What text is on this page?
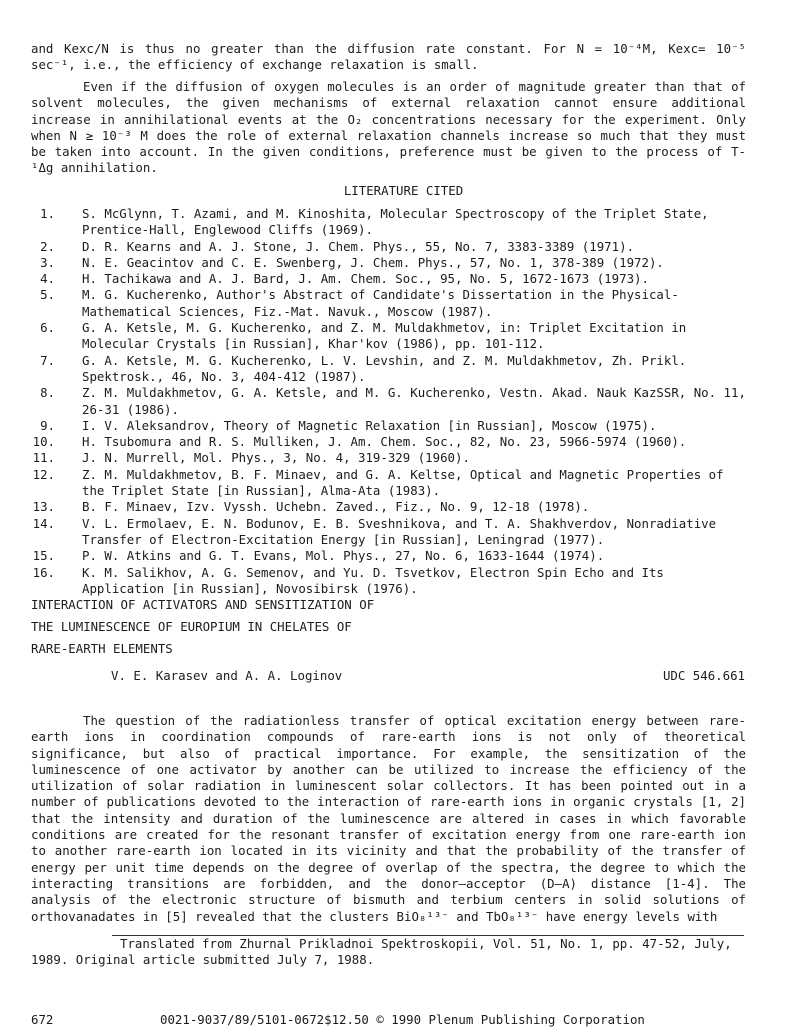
and Kexc/N is thus no greater than the diffusion rate constant. For N = 10⁻⁴M, Kexc= 10⁻⁵ sec⁻¹, i.e., the efficiency of exchange relaxation is small.

Even if the diffusion of oxygen molecules is an order of magnitude greater than that of solvent molecules, the given mechanisms of external relaxation cannot ensure additional increase in annihilational events at the O₂ concentrations necessary for the experiment. Only when N ≥ 10⁻³ M does the role of external relaxation channels increase so much that they must be taken into account. In the given conditions, preference must be given to the process of T-¹Δg annihilation.

LITERATURE CITED
1. S. McGlynn, T. Azami, and M. Kinoshita, Molecular Spectroscopy of the Triplet State, Prentice-Hall, Englewood Cliffs (1969).
2. D. R. Kearns and A. J. Stone, J. Chem. Phys., 55, No. 7, 3383-3389 (1971).
3. N. E. Geacintov and C. E. Swenberg, J. Chem. Phys., 57, No. 1, 378-389 (1972).
4. H. Tachikawa and A. J. Bard, J. Am. Chem. Soc., 95, No. 5, 1672-1673 (1973).
5. M. G. Kucherenko, Author's Abstract of Candidate's Dissertation in the Physical-Mathematical Sciences, Fiz.-Mat. Navuk., Moscow (1987).
6. G. A. Ketsle, M. G. Kucherenko, and Z. M. Muldakhmetov, in: Triplet Excitation in Molecular Crystals [in Russian], Khar'kov (1986), pp. 101-112.
7. G. A. Ketsle, M. G. Kucherenko, L. V. Levshin, and Z. M. Muldakhmetov, Zh. Prikl. Spektrosk., 46, No. 3, 404-412 (1987).
8. Z. M. Muldakhmetov, G. A. Ketsle, and M. G. Kucherenko, Vestn. Akad. Nauk KazSSR, No. 11, 26-31 (1986).
9. I. V. Aleksandrov, Theory of Magnetic Relaxation [in Russian], Moscow (1975).
10. H. Tsubomura and R. S. Mulliken, J. Am. Chem. Soc., 82, No. 23, 5966-5974 (1960).
11. J. N. Murrell, Mol. Phys., 3, No. 4, 319-329 (1960).
12. Z. M. Muldakhmetov, B. F. Minaev, and G. A. Keltse, Optical and Magnetic Properties of the Triplet State [in Russian], Alma-Ata (1983).
13. B. F. Minaev, Izv. Vyssh. Uchebn. Zaved., Fiz., No. 9, 12-18 (1978).
14. V. L. Ermolaev, E. N. Bodunov, E. B. Sveshnikova, and T. A. Shakhverdov, Nonradiative Transfer of Electron-Excitation Energy [in Russian], Leningrad (1977).
15. P. W. Atkins and G. T. Evans, Mol. Phys., 27, No. 6, 1633-1644 (1974).
16. K. M. Salikhov, A. G. Semenov, and Yu. D. Tsvetkov, Electron Spin Echo and Its Application [in Russian], Novosibirsk (1976).
INTERACTION OF ACTIVATORS AND SENSITIZATION OF
THE LUMINESCENCE OF EUROPIUM IN CHELATES OF
RARE-EARTH ELEMENTS
V. E. Karasev and A. A. Loginov	UDC 546.661

The question of the radiationless transfer of optical excitation energy between rare-earth ions in coordination compounds of rare-earth ions is not only of theoretical significance, but also of practical importance. For example, the sensitization of the luminescence of one activator by another can be utilized to increase the efficiency of the utilization of solar radiation in luminescent solar collectors. It has been pointed out in a number of publications devoted to the interaction of rare-earth ions in organic crystals [1, 2] that the intensity and duration of the luminescence are altered in cases in which favorable conditions are created for the resonant transfer of excitation energy from one rare-earth ion to another rare-earth ion located in its vicinity and that the probability of the transfer of energy per unit time depends on the degree of overlap of the spectra, the degree to which the interacting transitions are forbidden, and the donor–acceptor (D–A) distance [1-4]. The analysis of the electronic structure of bismuth and terbium centers in solid solutions of orthovanadates in [5] revealed that the clusters BiO₈¹³⁻ and TbO₈¹³⁻ have energy levels with

Translated from Zhurnal Prikladnoi Spektroskopii, Vol. 51, No. 1, pp. 47-52, July, 1989. Original article submitted July 7, 1988.

672	0021-9037/89/5101-0672$12.50 © 1990 Plenum Publishing Corporation
